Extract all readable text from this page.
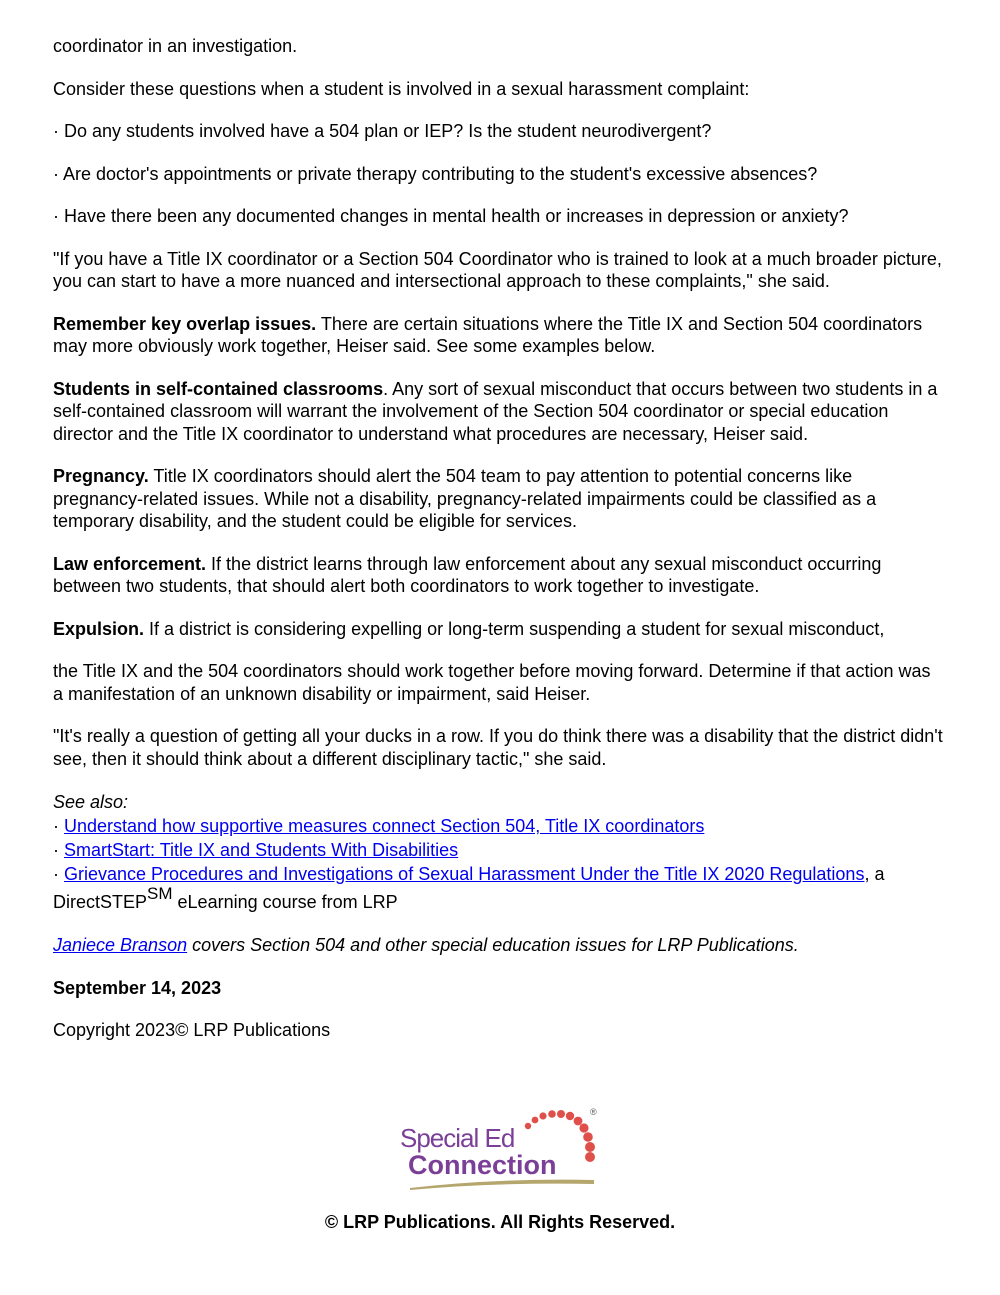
coordinator in an investigation.

Consider these questions when a student is involved in a sexual harassment complaint:

· Do any students involved have a 504 plan or IEP? Is the student neurodivergent?

· Are doctor's appointments or private therapy contributing to the student's excessive absences?

· Have there been any documented changes in mental health or increases in depression or anxiety?

"If you have a Title IX coordinator or a Section 504 Coordinator who is trained to look at a much broader picture, you can start to have a more nuanced and intersectional approach to these complaints," she said.

Remember key overlap issues. There are certain situations where the Title IX and Section 504 coordinators may more obviously work together, Heiser said. See some examples below.

Students in self-contained classrooms. Any sort of sexual misconduct that occurs between two students in a self-contained classroom will warrant the involvement of the Section 504 coordinator or special education director and the Title IX coordinator to understand what procedures are necessary, Heiser said.

Pregnancy. Title IX coordinators should alert the 504 team to pay attention to potential concerns like pregnancy-related issues. While not a disability, pregnancy-related impairments could be classified as a temporary disability, and the student could be eligible for services.

Law enforcement. If the district learns through law enforcement about any sexual misconduct occurring between two students, that should alert both coordinators to work together to investigate.

Expulsion. If a district is considering expelling or long-term suspending a student for sexual misconduct,

the Title IX and the 504 coordinators should work together before moving forward. Determine if that action was a manifestation of an unknown disability or impairment, said Heiser.

"It's really a question of getting all your ducks in a row. If you do think there was a disability that the district didn't see, then it should think about a different disciplinary tactic," she said.

See also:
· Understand how supportive measures connect Section 504, Title IX coordinators
· SmartStart: Title IX and Students With Disabilities
· Grievance Procedures and Investigations of Sexual Harassment Under the Title IX 2020 Regulations, a
DirectSTEP℠ eLearning course from LRP

Janiece Branson covers Section 504 and other special education issues for LRP Publications.

September 14, 2023

Copyright 2023© LRP Publications

®
Special Ed
Connection
© LRP Publications. All Rights Reserved.
